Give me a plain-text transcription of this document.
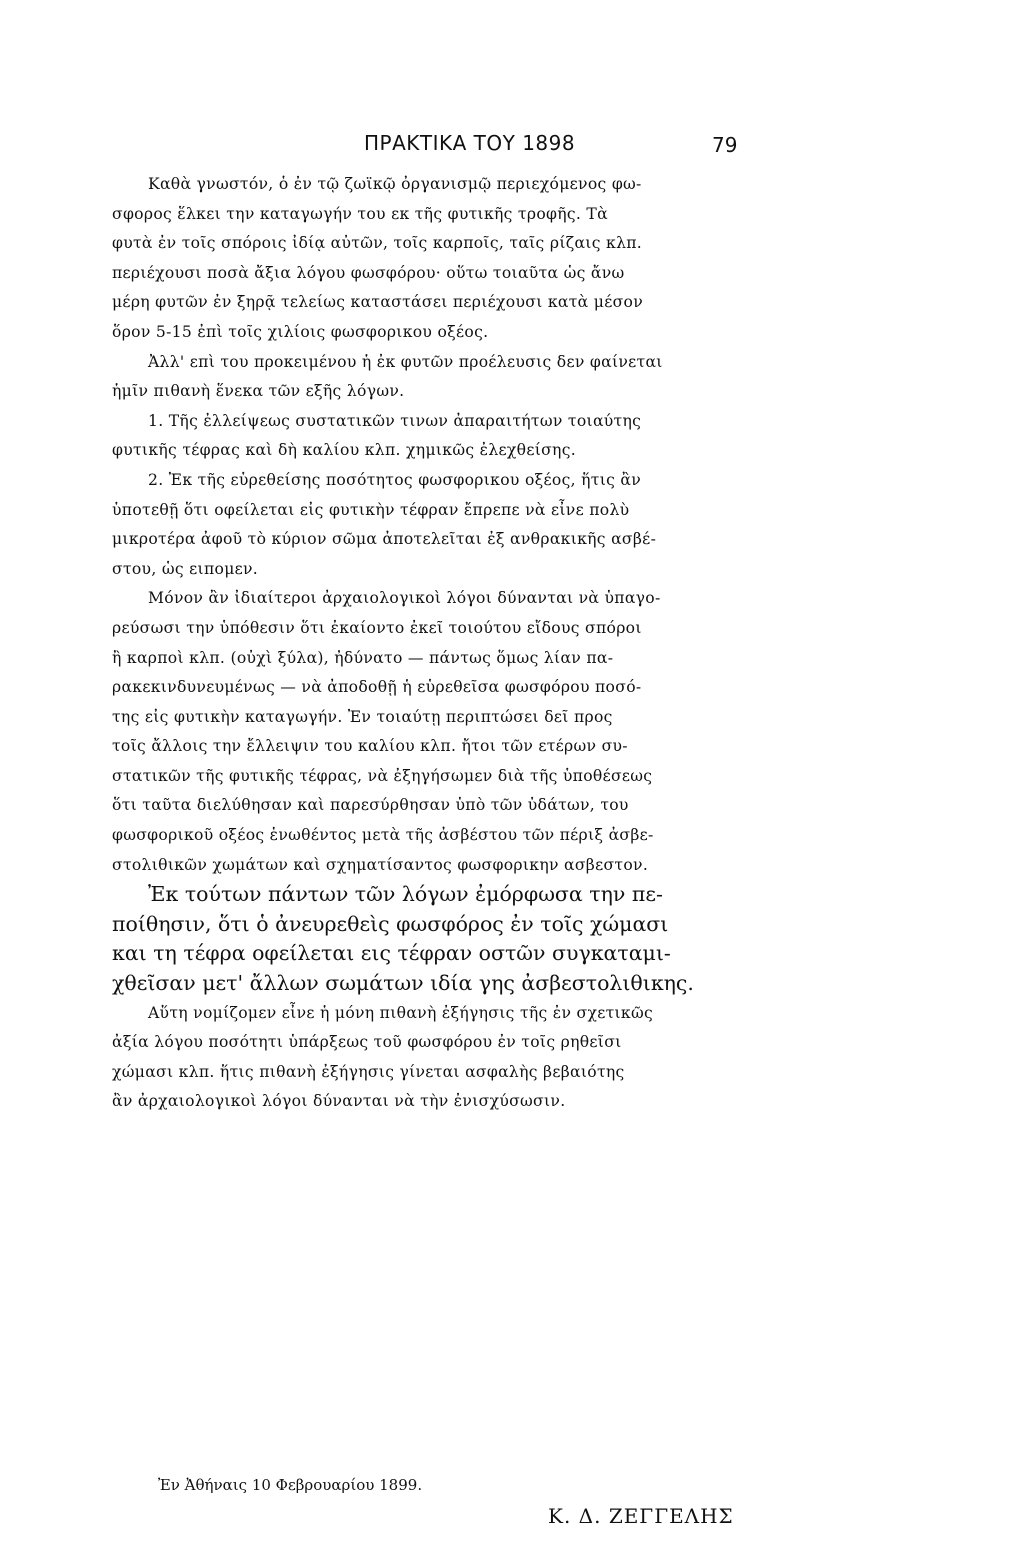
ΠΡΑΚΤΙΚΑ ΤΟΥ 1898	79
Καθὰ γνωστόν, ὁ ἐν τῷ ζωϊκῷ ὀργανισμῷ περιεχόμενος φω-
σφορος ἕλκει την καταγωγήν του εκ τῆς φυτικῆς τροφῆς. Τὰ
φυτὰ ἐν τοῖς σπόροις ἰδίᾳ αὐτῶν, τοῖς καρποῖς, ταῖς ρίζαις κλπ.
περιέχουσι ποσὰ ἄξια λόγου φωσφόρου· οὕτω τοιαῦτα ὡς ἄνω
μέρη φυτῶν ἐν ξηρᾷ τελείως καταστάσει περιέχουσι κατὰ μέσον
ὅρον 5-15 ἐπὶ τοῖς χιλίοις φωσφορικου οξέος.
Ἀλλ' επὶ του προκειμένου ἡ ἐκ φυτῶν προέλευσις δεν φαίνεται
ἡμῖν πιθανὴ ἕνεκα τῶν εξῆς λόγων.
1. Τῆς ἐλλείψεως συστατικῶν τινων ἀπαραιτήτων τοιαύτης
φυτικῆς τέφρας καὶ δὴ καλίου κλπ. χημικῶς ἐλεχθείσης.
2. Ἐκ τῆς εὑρεθείσης ποσότητος φωσφορικου οξέος, ἥτις ἂν
ὑποτεθῇ ὅτι οφείλεται εἰς φυτικὴν τέφραν ἔπρεπε νὰ εἶνε πολὺ
μικροτέρα ἀφοῦ τὸ κύριον σῶμα ἀποτελεῖται ἐξ ανθρακικῆς ασβέ-
στου, ὡς ειπομεν.
Μόνον ἂν ἰδιαίτεροι ἀρχαιολογικοὶ λόγοι δύνανται νὰ ὑπαγο-
ρεύσωσι την ὑπόθεσιν ὅτι ἐκαίοντο ἐκεῖ τοιούτου εἴδους σπόροι
ἢ καρποὶ κλπ. (οὐχὶ ξύλα), ἠδύνατο — πάντως ὅμως λίαν πα-
ρακεκινδυνευμένως — νὰ ἀποδοθῇ ἡ εὑρεθεῖσα φωσφόρου ποσό-
της εἰς φυτικὴν καταγωγήν. Ἐν τοιαύτῃ περιπτώσει δεῖ προς
τοῖς ἄλλοις την ἔλλειψιν του καλίου κλπ. ἤτοι τῶν ετέρων συ-
στατικῶν τῆς φυτικῆς τέφρας, νὰ ἐξηγήσωμεν διὰ τῆς ὑποθέσεως
ὅτι ταῦτα διελύθησαν καὶ παρεσύρθησαν ὑπὸ τῶν ὑδάτων, του
φωσφορικοῦ οξέος ἑνωθέντος μετὰ τῆς ἀσβέστου τῶν πέριξ ἀσβε-
στολιθικῶν χωμάτων καὶ σχηματίσαντος φωσφορικην ασβεστον.
Ἐκ τούτων πάντων τῶν λόγων ἐμόρφωσα την πε-
ποίθησιν, ὅτι ὁ ἀνευρεθεὶς φωσφόρος ἐν τοῖς χώμασι
και τη τέφρα οφείλεται εις τέφραν οστῶν συγκαταμι-
χθεῖσαν μετ' ἄλλων σωμάτων ιδία γης ἀσβεστολιθικης.
Αὕτη νομίζομεν εἶνε ἡ μόνη πιθανὴ ἐξήγησις τῆς ἐν σχετικῶς
ἀξία λόγου ποσότητι ὑπάρξεως τοῦ φωσφόρου ἐν τοῖς ρηθεῖσι
χώμασι κλπ. ἥτις πιθανὴ ἐξήγησις γίνεται ασφαλὴς βεβαιότης
ἂν ἀρχαιολογικοὶ λόγοι δύνανται νὰ τὴν ἐνισχύσωσιν.
Ἐν Ἀθήναις 10 Φεβρουαρίου 1899.
Κ. Δ. ΖΕΓΓΕΛΗΣ
